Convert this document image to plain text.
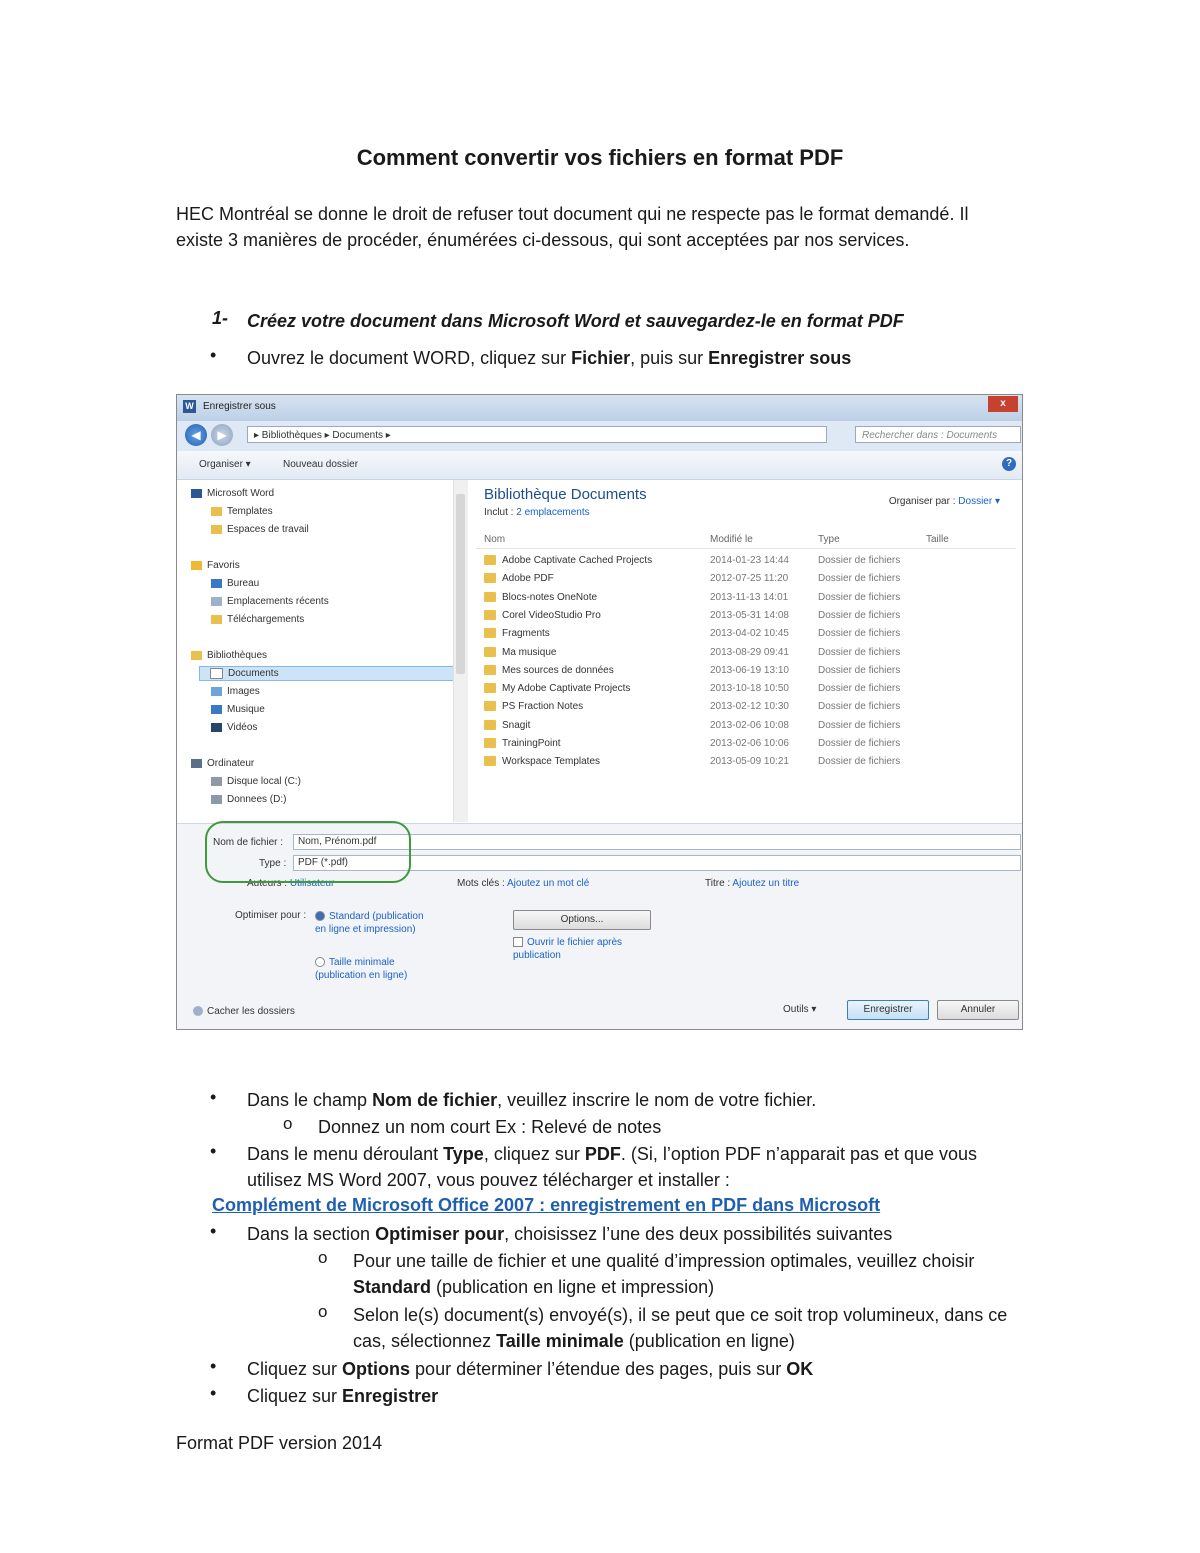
Comment convertir vos fichiers en format PDF
HEC Montréal se donne le droit de refuser tout document qui ne respecte pas le format demandé. Il existe 3 manières de procéder, énumérées ci-dessous, qui sont acceptées par nos services.
1- Créez votre document dans Microsoft Word et sauvegardez-le en format PDF
• Ouvrez le document WORD, cliquez sur Fichier, puis sur Enregistrer sous
W Enregistrer sous	x
◀	▶	▸ Bibliothèques ▸ Documents ▸	Rechercher dans : Documents
Organiser ▾	Nouveau dossier	?
Microsoft Word
Templates
Espaces de travail
Favoris
Bureau
Emplacements récents
Téléchargements
Bibliothèques
Documents
Images
Musique
Vidéos
Ordinateur
Disque local (C:)
Donnees (D:)
Bibliothèque Documents
Inclut : 2 emplacements
Organiser par : Dossier ▾
Nom	Modifié le	Type	Taille
Adobe Captivate Cached Projects	2014-01-23 14:44	Dossier de fichiers
Adobe PDF	2012-07-25 11:20	Dossier de fichiers
Blocs-notes OneNote	2013-11-13 14:01	Dossier de fichiers
Corel VideoStudio Pro	2013-05-31 14:08	Dossier de fichiers
Fragments	2013-04-02 10:45	Dossier de fichiers
Ma musique	2013-08-29 09:41	Dossier de fichiers
Mes sources de données	2013-06-19 13:10	Dossier de fichiers
My Adobe Captivate Projects	2013-10-18 10:50	Dossier de fichiers
PS Fraction Notes	2013-02-12 10:30	Dossier de fichiers
Snagit	2013-02-06 10:08	Dossier de fichiers
TrainingPoint	2013-02-06 10:06	Dossier de fichiers
Workspace Templates	2013-05-09 10:21	Dossier de fichiers
Nom de fichier :	Nom, Prénom.pdf
Type :	PDF (*.pdf)
Auteurs : Utilisateur	Mots clés : Ajoutez un mot clé	Titre : Ajoutez un titre
Optimiser pour :	Standard (publication en ligne et impression)
Taille minimale (publication en ligne)
Options...
Ouvrir le fichier après publication
Cacher les dossiers	Outils ▾	Enregistrer	Annuler
• Dans le champ Nom de fichier, veuillez inscrire le nom de votre fichier.
o Donnez un nom court Ex : Relevé de notes
• Dans le menu déroulant Type, cliquez sur PDF. (Si, l’option PDF n’apparait pas et que vous utilisez MS Word 2007, vous pouvez télécharger et installer :
Complément de Microsoft Office 2007 : enregistrement en PDF dans Microsoft
• Dans la section Optimiser pour, choisissez l’une des deux possibilités suivantes
o Pour une taille de fichier et une qualité d’impression optimales, veuillez choisir Standard (publication en ligne et impression)
o Selon le(s) document(s) envoyé(s), il se peut que ce soit trop volumineux, dans ce cas, sélectionnez Taille minimale (publication en ligne)
• Cliquez sur Options pour déterminer l’étendue des pages, puis sur OK
• Cliquez sur Enregistrer
Format PDF version 2014
